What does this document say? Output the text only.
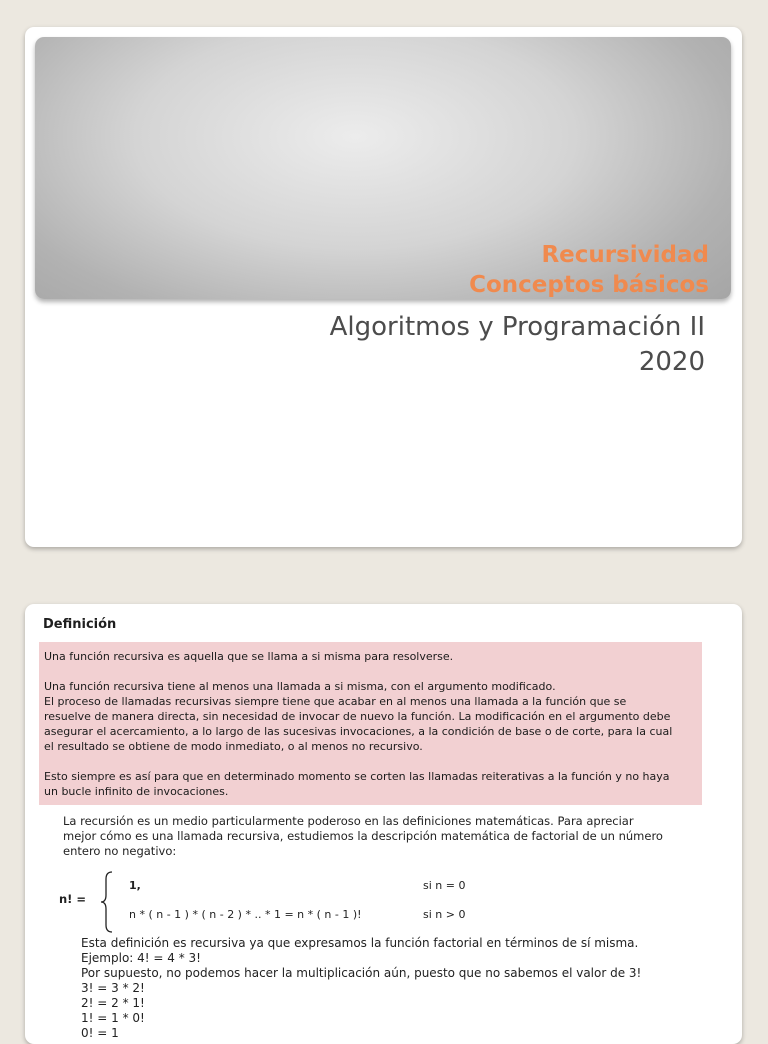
Recursividad
Conceptos básicos
Algoritmos y Programación II
2020
Definición

Una función recursiva es aquella que se llama a si misma para resolverse.

Una función recursiva tiene al menos una llamada a si misma, con el argumento modificado.
El proceso de llamadas recursivas siempre tiene que acabar en al menos una llamada a la función que se
resuelve de manera directa, sin necesidad de invocar de nuevo la función. La modificación en el argumento debe
asegurar el acercamiento, a lo largo de las sucesivas invocaciones, a la condición de base o de corte, para la cual
el resultado se obtiene de modo inmediato, o al menos no recursivo.
Esto siempre es así para que en determinado momento se corten las llamadas reiterativas a la función y no haya
un bucle infinito de invocaciones.
La recursión es un medio particularmente poderoso en las definiciones matemáticas. Para apreciar
mejor cómo es una llamada recursiva, estudiemos la descripción matemática de factorial de un número
entero no negativo:
n! =
1,	si n = 0
n * ( n - 1 ) * ( n - 2 ) * .. * 1 = n * ( n - 1 )!	si n > 0
Esta definición es recursiva ya que expresamos la función factorial en términos de sí misma.
Ejemplo: 4! = 4 * 3!
Por supuesto, no podemos hacer la multiplicación aún, puesto que no sabemos el valor de 3!
3! = 3 * 2!
2! = 2 * 1!
1! = 1 * 0!
0! = 1
